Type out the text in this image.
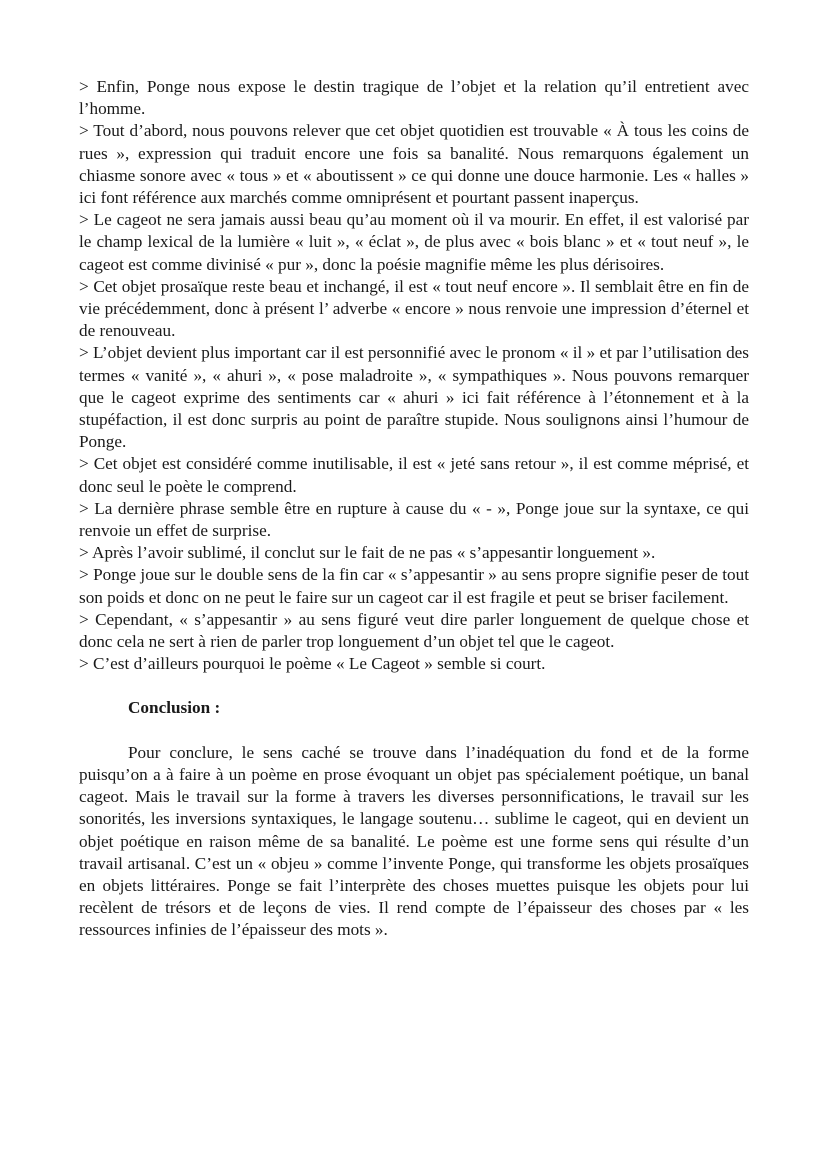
> Enfin, Ponge nous expose le destin tragique de l’objet et la relation qu’il entretient avec l’homme.

> Tout d’abord, nous pouvons relever que cet objet quotidien est trouvable « À tous les coins de rues », expression qui traduit encore une fois sa banalité. Nous remarquons également un chiasme sonore avec « tous » et « aboutissent » ce qui donne une douce harmonie. Les « halles » ici font référence aux marchés comme omniprésent et pourtant passent inaperçus.

> Le cageot ne sera jamais aussi beau qu’au moment où il va mourir. En effet, il est valorisé par le champ lexical de la lumière « luit », « éclat », de plus avec « bois blanc » et « tout neuf », le cageot est comme divinisé « pur », donc la poésie magnifie même les plus dérisoires.

> Cet objet prosaïque reste beau et inchangé, il est « tout neuf encore ». Il semblait être en fin de vie précédemment, donc à présent l’ adverbe « encore » nous renvoie une impression d’éternel et de renouveau.

> L’objet devient plus important car il est personnifié avec le pronom « il » et par l’utilisation des termes « vanité », « ahuri », « pose maladroite », « sympathiques ». Nous pouvons remarquer que le cageot exprime des sentiments car « ahuri » ici fait référence à l’étonnement et à la stupéfaction, il est donc surpris au point de paraître stupide. Nous soulignons ainsi l’humour de Ponge.

> Cet objet est considéré comme inutilisable, il est « jeté sans retour », il est comme méprisé, et donc seul le poète le comprend.

> La dernière phrase semble être en rupture à cause du « - », Ponge joue sur la syntaxe, ce qui renvoie un effet de surprise.

> Après l’avoir sublimé, il conclut sur le fait de ne pas « s’appesantir longuement ».

> Ponge joue sur le double sens de la fin car « s’appesantir » au sens propre signifie peser de tout son poids et donc on ne peut le faire sur un cageot car il est fragile et peut se briser facilement.

> Cependant, « s’appesantir » au sens figuré veut dire parler longuement de quelque chose et donc cela ne sert à rien de parler trop longuement d’un objet tel que le cageot.

> C’est d’ailleurs pourquoi le poème « Le Cageot » semble si court.

Conclusion :

Pour conclure, le sens caché se trouve dans l’inadéquation du fond et de la forme puisqu’on a à faire à un poème en prose évoquant un objet pas spécialement poétique, un banal cageot. Mais le travail sur la forme à travers les diverses personnifications, le travail sur les sonorités, les inversions syntaxiques, le langage soutenu… sublime le cageot, qui en devient un objet poétique en raison même de sa banalité. Le poème est une forme sens qui résulte d’un travail artisanal. C’est un « objeu » comme l’invente Ponge, qui transforme les objets prosaïques en objets littéraires. Ponge se fait l’interprète des choses muettes puisque les objets pour lui recèlent de trésors et de leçons de vies. Il rend compte de l’épaisseur des choses par « les ressources infinies de l’épaisseur des mots ».
